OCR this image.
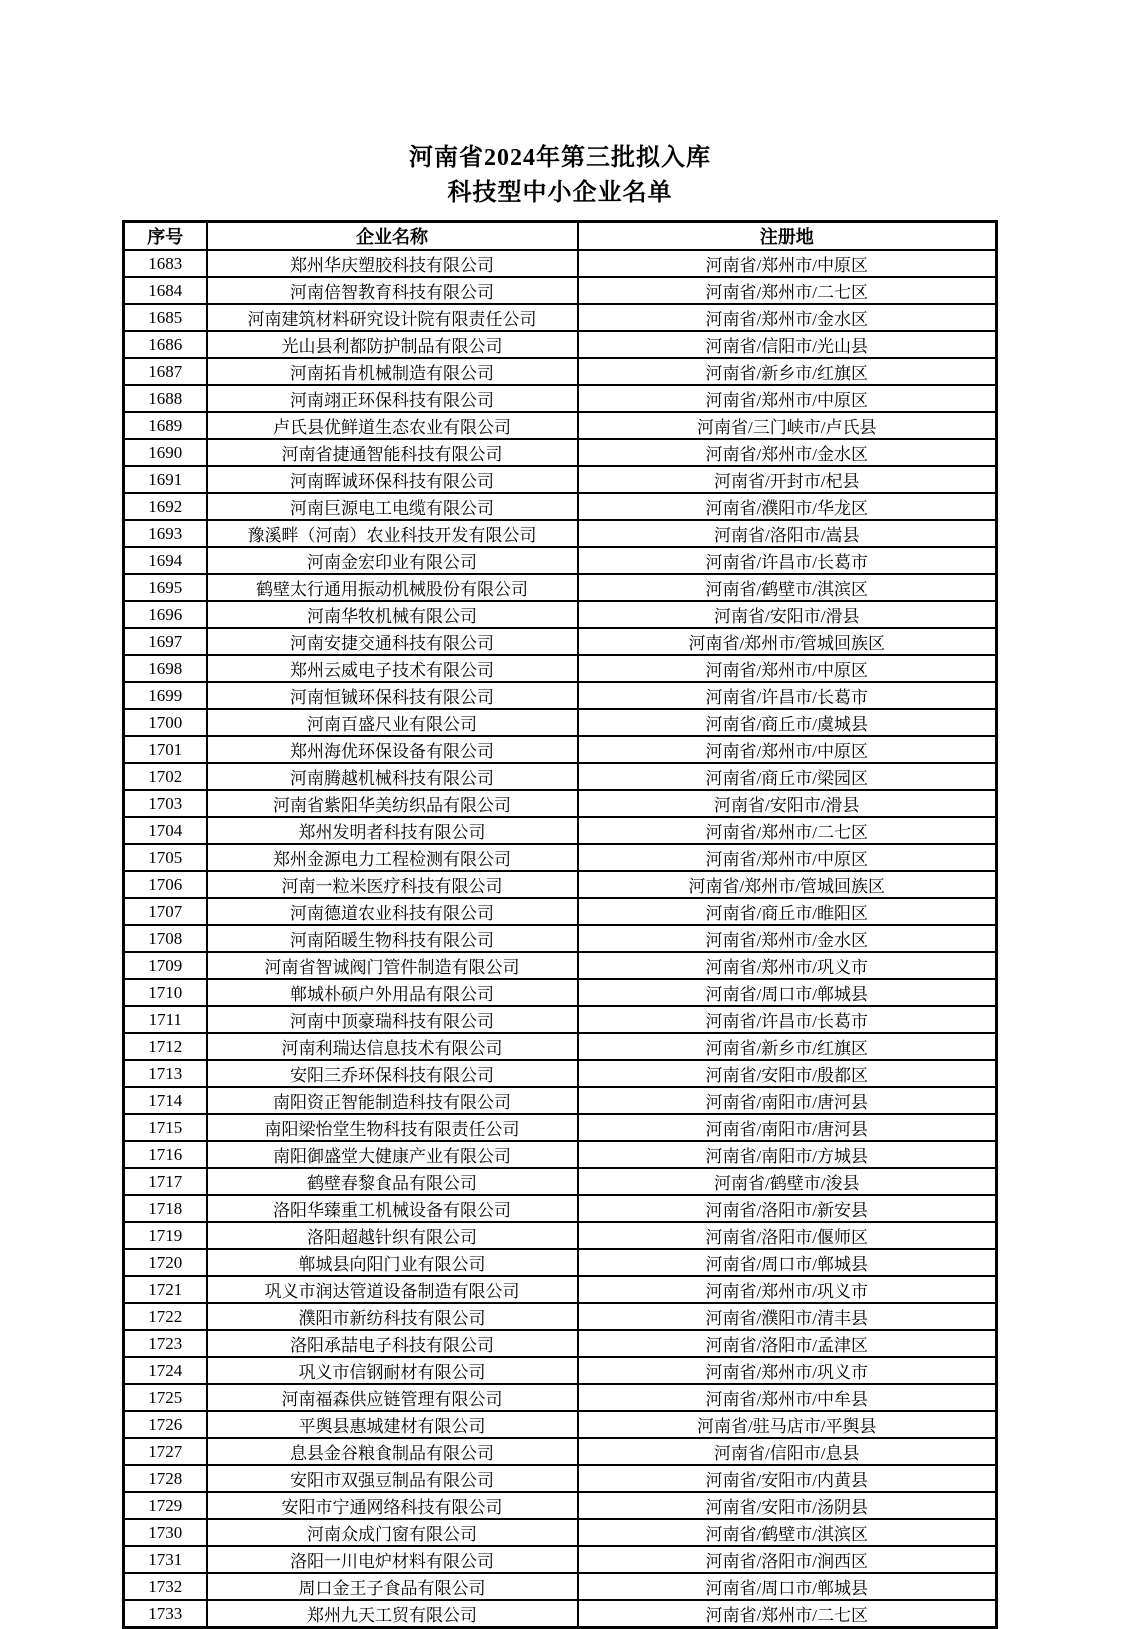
河南省2024年第三批拟入库
科技型中小企业名单
序号	企业名称	注册地
1683	郑州华庆塑胶科技有限公司	河南省/郑州市/中原区
1684	河南倍智教育科技有限公司	河南省/郑州市/二七区
1685	河南建筑材料研究设计院有限责任公司	河南省/郑州市/金水区
1686	光山县利都防护制品有限公司	河南省/信阳市/光山县
1687	河南拓肯机械制造有限公司	河南省/新乡市/红旗区
1688	河南翊正环保科技有限公司	河南省/郑州市/中原区
1689	卢氏县优鲜道生态农业有限公司	河南省/三门峡市/卢氏县
1690	河南省捷通智能科技有限公司	河南省/郑州市/金水区
1691	河南晖诚环保科技有限公司	河南省/开封市/杞县
1692	河南巨源电工电缆有限公司	河南省/濮阳市/华龙区
1693	豫溪畔（河南）农业科技开发有限公司	河南省/洛阳市/嵩县
1694	河南金宏印业有限公司	河南省/许昌市/长葛市
1695	鹤壁太行通用振动机械股份有限公司	河南省/鹤壁市/淇滨区
1696	河南华牧机械有限公司	河南省/安阳市/滑县
1697	河南安捷交通科技有限公司	河南省/郑州市/管城回族区
1698	郑州云威电子技术有限公司	河南省/郑州市/中原区
1699	河南恒铖环保科技有限公司	河南省/许昌市/长葛市
1700	河南百盛尺业有限公司	河南省/商丘市/虞城县
1701	郑州海优环保设备有限公司	河南省/郑州市/中原区
1702	河南腾越机械科技有限公司	河南省/商丘市/梁园区
1703	河南省紫阳华美纺织品有限公司	河南省/安阳市/滑县
1704	郑州发明者科技有限公司	河南省/郑州市/二七区
1705	郑州金源电力工程检测有限公司	河南省/郑州市/中原区
1706	河南一粒米医疗科技有限公司	河南省/郑州市/管城回族区
1707	河南德道农业科技有限公司	河南省/商丘市/睢阳区
1708	河南陌暖生物科技有限公司	河南省/郑州市/金水区
1709	河南省智诚阀门管件制造有限公司	河南省/郑州市/巩义市
1710	郸城朴硕户外用品有限公司	河南省/周口市/郸城县
1711	河南中顶豪瑞科技有限公司	河南省/许昌市/长葛市
1712	河南利瑞达信息技术有限公司	河南省/新乡市/红旗区
1713	安阳三乔环保科技有限公司	河南省/安阳市/殷都区
1714	南阳资正智能制造科技有限公司	河南省/南阳市/唐河县
1715	南阳梁怡堂生物科技有限责任公司	河南省/南阳市/唐河县
1716	南阳御盛堂大健康产业有限公司	河南省/南阳市/方城县
1717	鹤壁春黎食品有限公司	河南省/鹤壁市/浚县
1718	洛阳华臻重工机械设备有限公司	河南省/洛阳市/新安县
1719	洛阳超越针织有限公司	河南省/洛阳市/偃师区
1720	郸城县向阳门业有限公司	河南省/周口市/郸城县
1721	巩义市润达管道设备制造有限公司	河南省/郑州市/巩义市
1722	濮阳市新纺科技有限公司	河南省/濮阳市/清丰县
1723	洛阳承喆电子科技有限公司	河南省/洛阳市/孟津区
1724	巩义市信钢耐材有限公司	河南省/郑州市/巩义市
1725	河南福森供应链管理有限公司	河南省/郑州市/中牟县
1726	平舆县惠城建材有限公司	河南省/驻马店市/平舆县
1727	息县金谷粮食制品有限公司	河南省/信阳市/息县
1728	安阳市双强豆制品有限公司	河南省/安阳市/内黄县
1729	安阳市宁通网络科技有限公司	河南省/安阳市/汤阴县
1730	河南众成门窗有限公司	河南省/鹤壁市/淇滨区
1731	洛阳一川电炉材料有限公司	河南省/洛阳市/涧西区
1732	周口金王子食品有限公司	河南省/周口市/郸城县
1733	郑州九天工贸有限公司	河南省/郑州市/二七区
